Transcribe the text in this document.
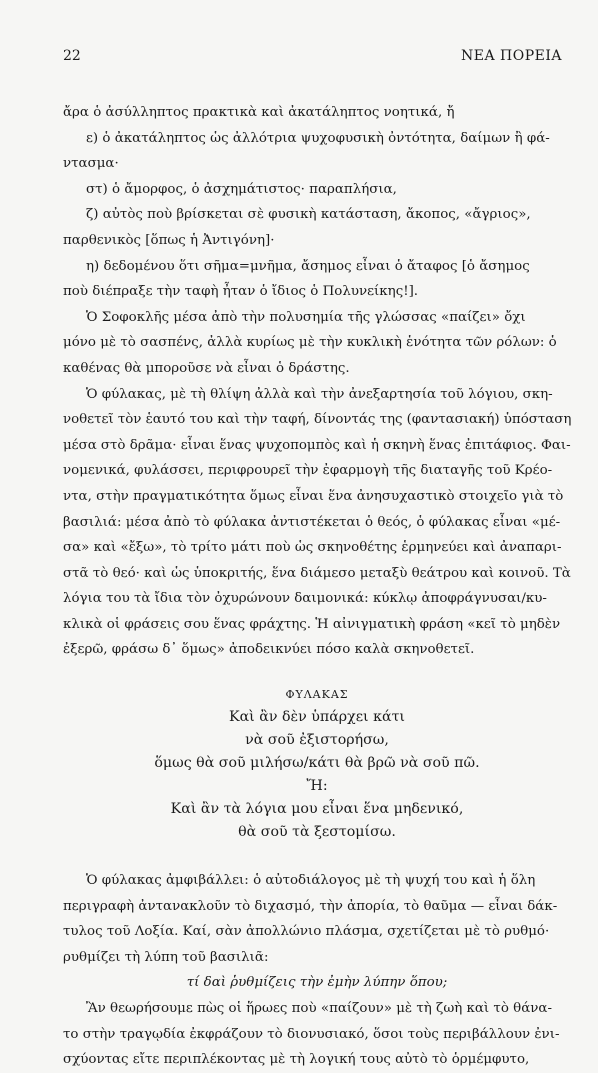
22	ΝΕΑ ΠΟΡΕΙΑ
ἄρα ὁ ἀσύλληπτος πρακτικὰ καὶ ἀκατάληπτος νοητικά, ἤ
ε) ὁ ἀκατάληπτος ὡς ἀλλότρια ψυχοφυσικὴ ὀντότητα, δαίμων ἢ φά-
ντασμα·
στ) ὁ ἄμορφος, ὁ ἀσχημάτιστος· παραπλήσια,
ζ) αὐτὸς ποὺ βρίσκεται σὲ φυσικὴ κατάσταση, ἄκοπος, «ἄγριος»,
παρθενικὸς [ὅπως ἡ Ἀντιγόνη]·
η) δεδομένου ὅτι σῆμα=μνῆμα, ἄσημος εἶναι ὁ ἄταφος [ὁ ἄσημος
ποὺ διέπραξε τὴν ταφὴ ἦταν ὁ ἴδιος ὁ Πολυνείκης!].
Ὁ Σοφοκλῆς μέσα ἀπὸ τὴν πολυσημία τῆς γλώσσας «παίζει» ὄχι
μόνο μὲ τὸ σασπένς, ἀλλὰ κυρίως μὲ τὴν κυκλικὴ ἑνότητα τῶν ρόλων: ὁ
καθένας θὰ μποροῦσε νὰ εἶναι ὁ δράστης.
Ὁ φύλακας, μὲ τὴ θλίψη ἀλλὰ καὶ τὴν ἀνεξαρτησία τοῦ λόγιου, σκη-
νοθετεῖ τὸν ἑαυτό του καὶ τὴν ταφή, δίνοντάς της (φαντασιακή) ὑπόσταση
μέσα στὸ δρᾶμα· εἶναι ἕνας ψυχοπομπὸς καὶ ἡ σκηνὴ ἕνας ἐπιτάφιος. Φαι-
νομενικά, φυλάσσει, περιφρουρεῖ τὴν ἐφαρμογὴ τῆς διαταγῆς τοῦ Κρέο-
ντα, στὴν πραγματικότητα ὅμως εἶναι ἕνα ἀνησυχαστικὸ στοιχεῖο γιὰ τὸ
βασιλιά: μέσα ἀπὸ τὸ φύλακα ἀντιστέκεται ὁ θεός, ὁ φύλακας εἶναι «μέ-
σα» καὶ «ἔξω», τὸ τρίτο μάτι ποὺ ὡς σκηνοθέτης ἑρμηνεύει καὶ ἀναπαρι-
στᾶ τὸ θεό· καὶ ὡς ὑποκριτής, ἕνα διάμεσο μεταξὺ θεάτρου καὶ κοινοῦ. Τὰ
λόγια του τὰ ἴδια τὸν ὀχυρώνουν δαιμονικά: κύκλῳ ἀποφράγνυσαι/κυ-
κλικὰ οἱ φράσεις σου ἕνας φράχτης. Ἡ αἰνιγματικὴ φράση «κεῖ τὸ μηδὲν
ἐξερῶ, φράσω δ᾽ ὅμως» ἀποδεικνύει πόσο καλὰ σκηνοθετεῖ.
ΦΥΛΑΚΑΣ
Καὶ ἂν δὲν ὑπάρχει κάτι
νὰ σοῦ ἐξιστορήσω,
ὅμως θὰ σοῦ μιλήσω/κάτι θὰ βρῶ νὰ σοῦ πῶ.
Ἤ:
Καὶ ἂν τὰ λόγια μου εἶναι ἕνα μηδενικό,
θὰ σοῦ τὰ ξεστομίσω.
Ὁ φύλακας ἀμφιβάλλει: ὁ αὐτοδιάλογος μὲ τὴ ψυχή του καὶ ἡ ὅλη
περιγραφὴ ἀντανακλοῦν τὸ διχασμό, τὴν ἀπορία, τὸ θαῦμα — εἶναι δάκ-
τυλος τοῦ Λοξία. Καί, σὰν ἀπολλώνιο πλάσμα, σχετίζεται μὲ τὸ ρυθμό·
ρυθμίζει τὴ λύπη τοῦ βασιλιᾶ:
τί δαὶ ῥυθμίζεις τὴν ἐμὴν λύπην ὅπου;
Ἂν θεωρήσουμε πὼς οἱ ἥρωες ποὺ «παίζουν» μὲ τὴ ζωὴ καὶ τὸ θάνα-
το στὴν τραγῳδία ἐκφράζουν τὸ διονυσιακό, ὅσοι τοὺς περιβάλλουν ἐνι-
σχύοντας εἴτε περιπλέκοντας μὲ τὴ λογική τους αὐτὸ τὸ ὁρμέμφυτο,
